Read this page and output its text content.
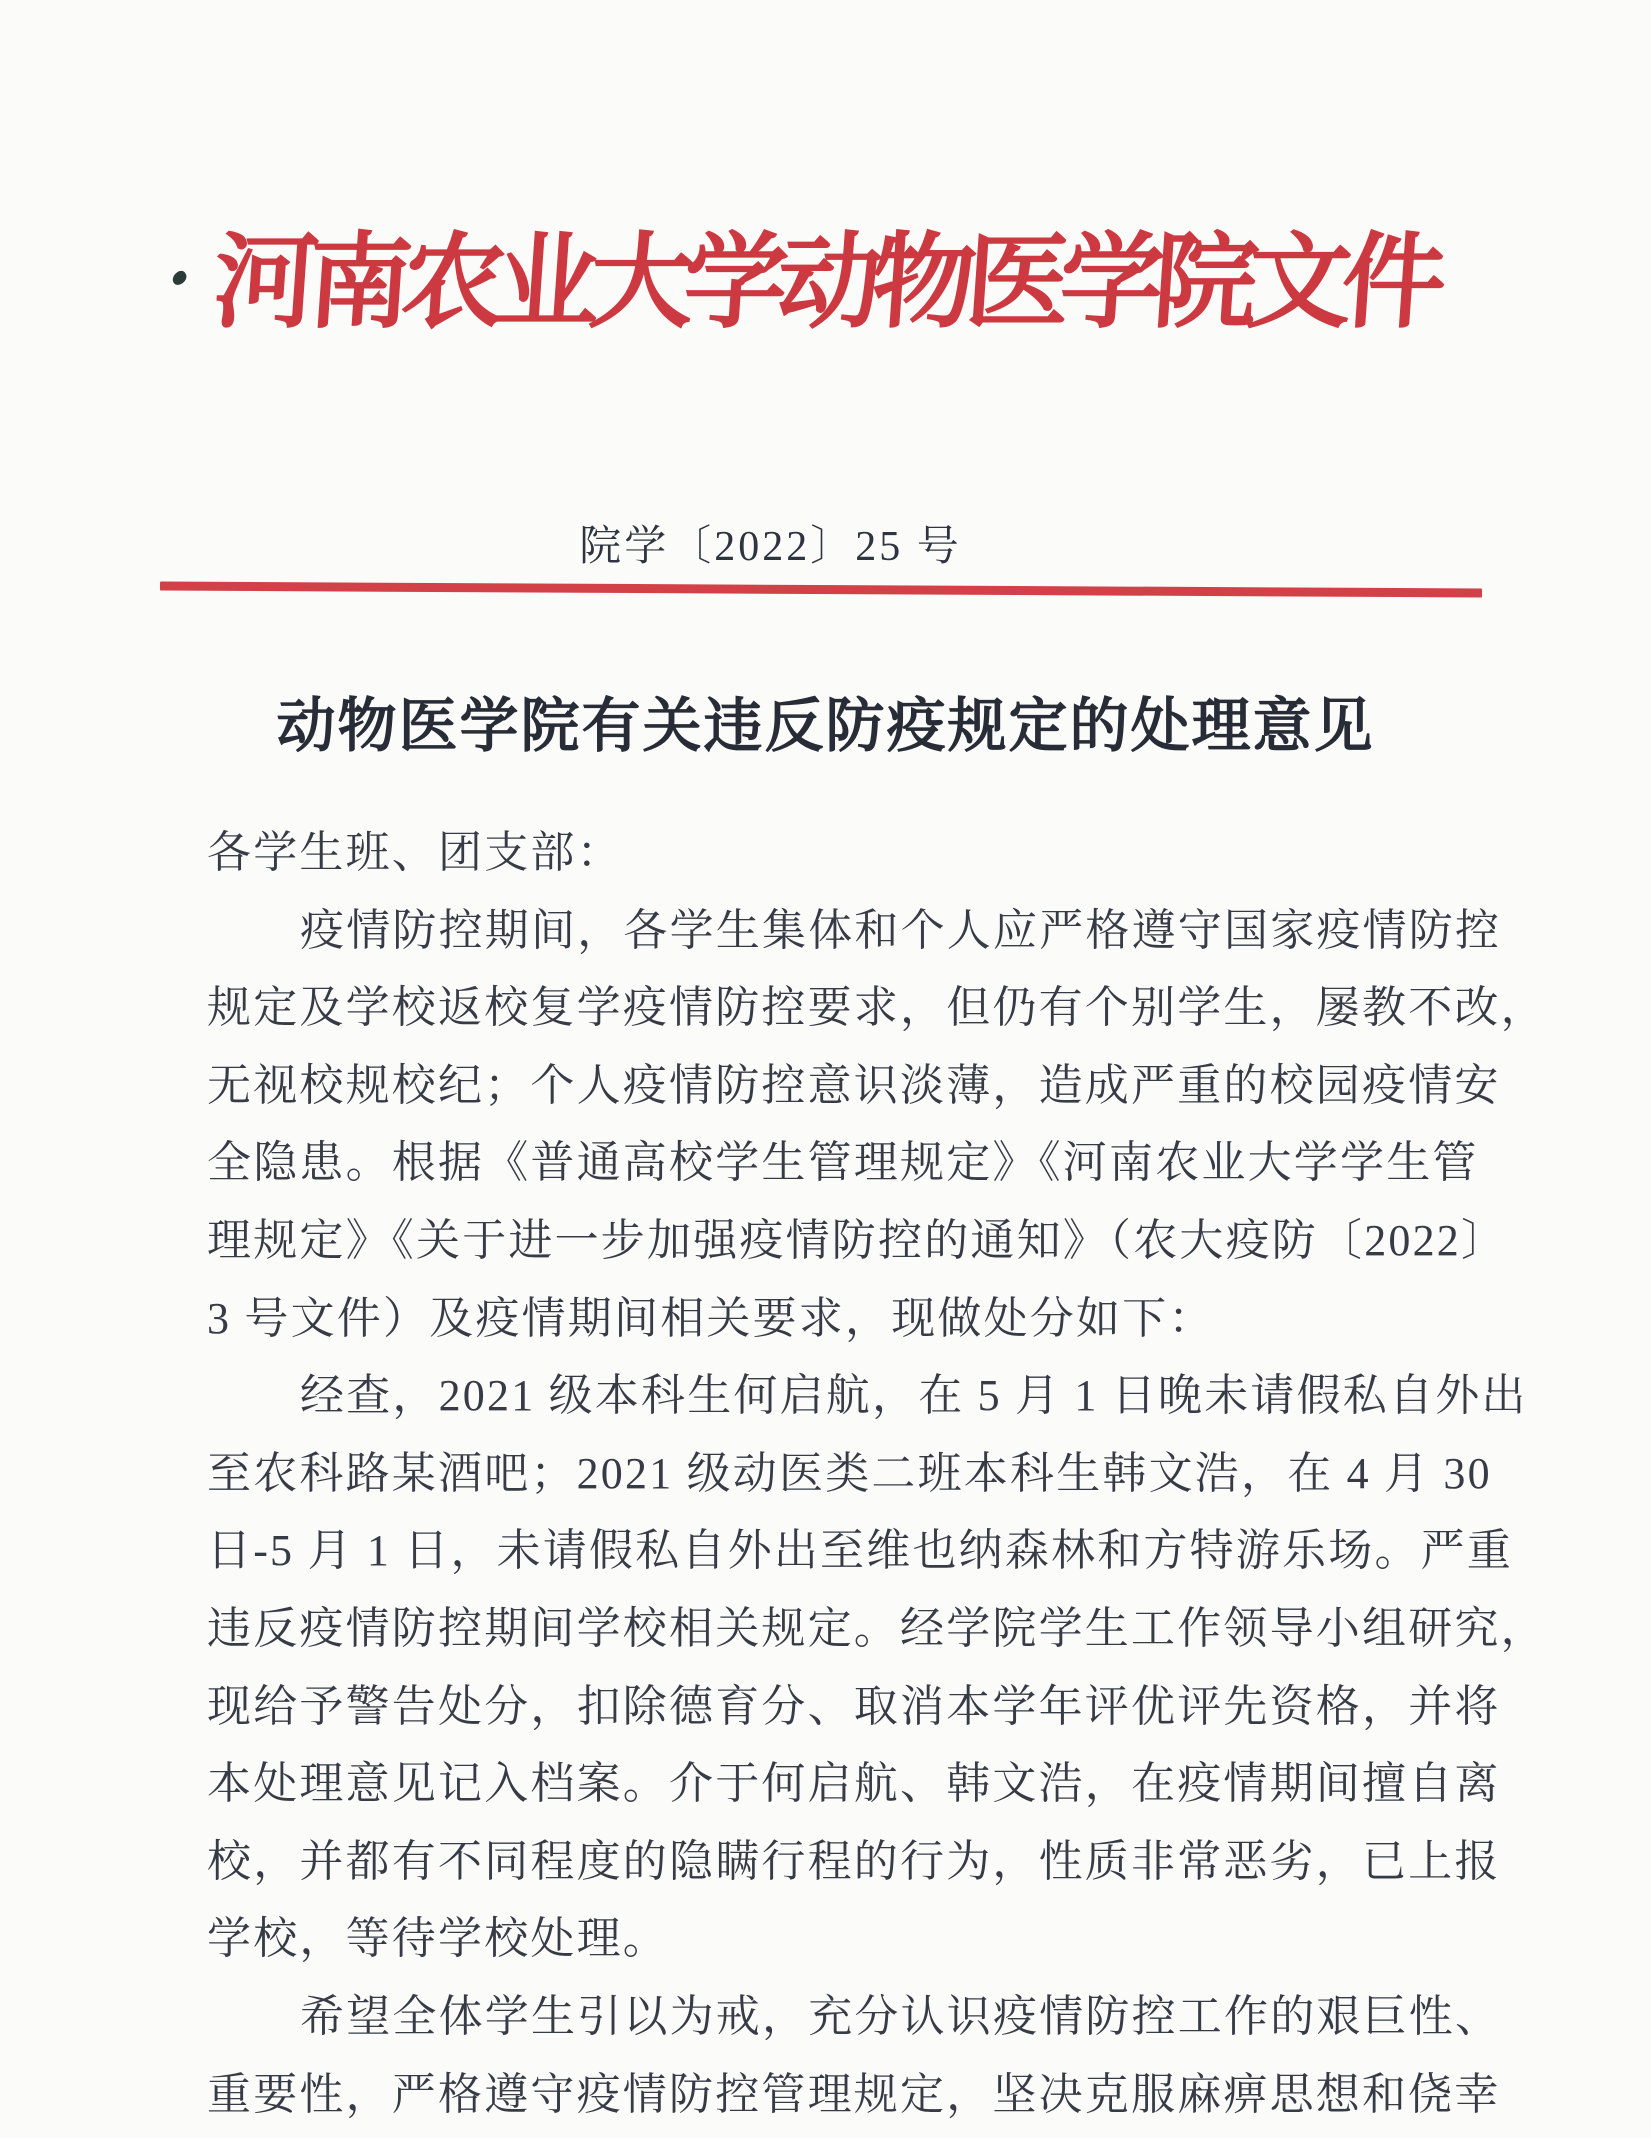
河南农业大学动物医学院文件
院学〔2022〕25 号
动物医学院有关违反防疫规定的处理意见
各学生班、团支部：
疫情防控期间，各学生集体和个人应严格遵守国家疫情防控
规定及学校返校复学疫情防控要求，但仍有个别学生，屡教不改，
无视校规校纪；个人疫情防控意识淡薄，造成严重的校园疫情安
全隐患。根据《普通高校学生管理规定》《河南农业大学学生管
理规定》《关于进一步加强疫情防控的通知》（农大疫防〔2022〕
3 号文件）及疫情期间相关要求，现做处分如下：
经查，2021 级本科生何启航，在 5 月 1 日晚未请假私自外出
至农科路某酒吧；2021 级动医类二班本科生韩文浩，在 4 月 30
日-5 月 1 日，未请假私自外出至维也纳森林和方特游乐场。严重
违反疫情防控期间学校相关规定。经学院学生工作领导小组研究，
现给予警告处分，扣除德育分、取消本学年评优评先资格，并将
本处理意见记入档案。介于何启航、韩文浩，在疫情期间擅自离
校，并都有不同程度的隐瞒行程的行为，性质非常恶劣，已上报
学校，等待学校处理。
希望全体学生引以为戒，充分认识疫情防控工作的艰巨性、
重要性，严格遵守疫情防控管理规定，坚决克服麻痹思想和侥幸
